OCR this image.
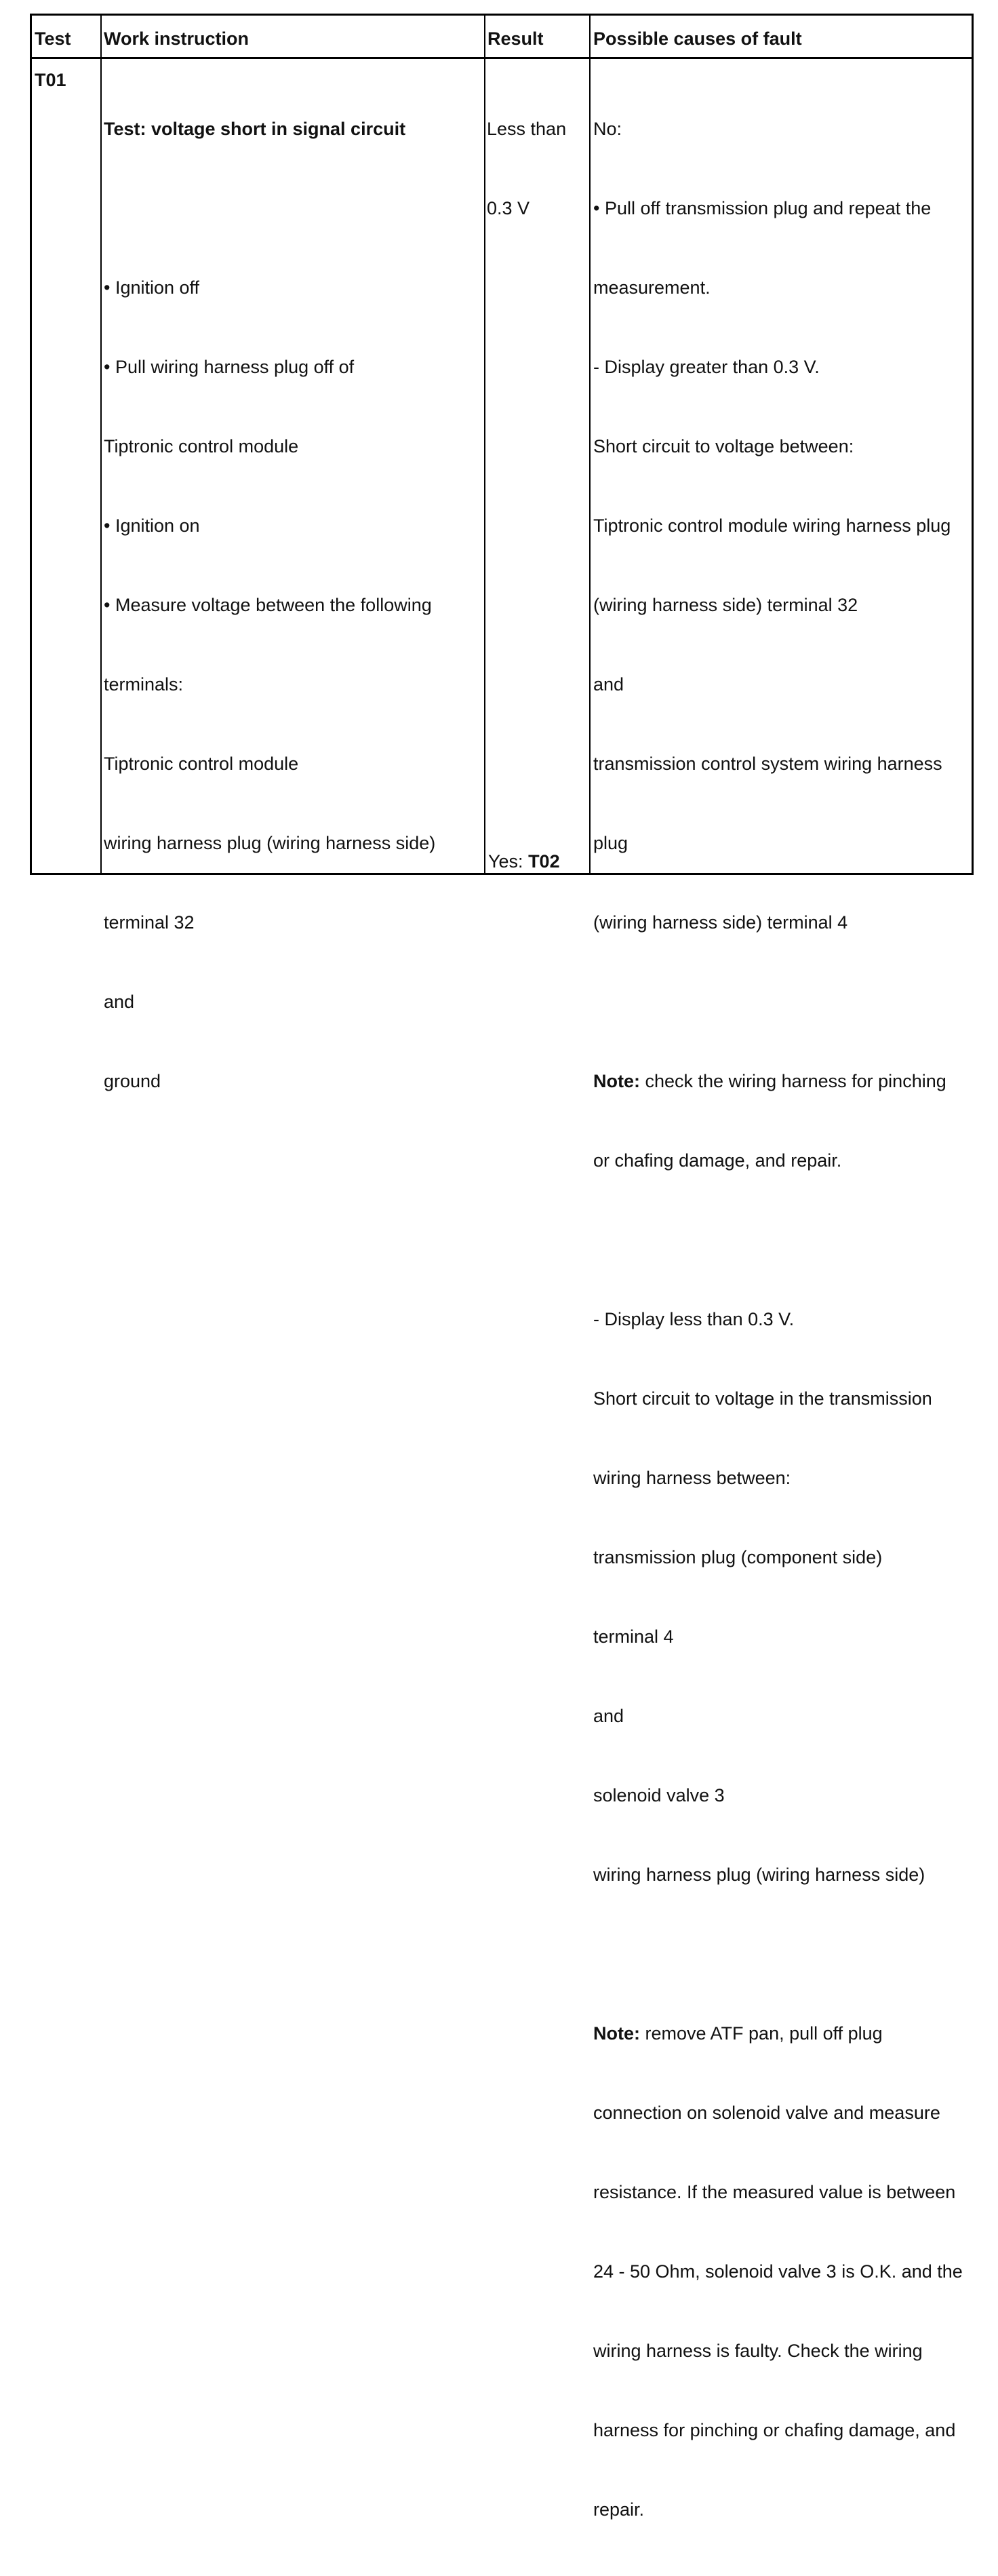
Test Work instruction	Result	Possible causes of fault
T01

Test: voltage short in signal circuit

• Ignition off

• Pull wiring harness plug off of

Tiptronic control module

• Ignition on

• Measure voltage between the following

terminals:

Tiptronic control module

wiring harness plug (wiring harness side)

terminal 32

and

ground

Less than

0.3 V

Yes: T02

No:

• Pull off transmission plug and repeat the

measurement.

- Display greater than 0.3 V.

Short circuit to voltage between:

Tiptronic control module wiring harness plug

(wiring harness side) terminal 32

and

transmission control system wiring harness

plug

(wiring harness side) terminal 4

Note: check the wiring harness for pinching

or chafing damage, and repair.

- Display less than 0.3 V.

Short circuit to voltage in the transmission

wiring harness between:

transmission plug (component side)

terminal 4

and

solenoid valve 3

wiring harness plug (wiring harness side)

Note: remove ATF pan, pull off plug

connection on solenoid valve and measure

resistance. If the measured value is between

24 - 50 Ohm, solenoid valve 3 is O.K. and the

wiring harness is faulty. Check the wiring

harness for pinching or chafing damage, and

repair.
